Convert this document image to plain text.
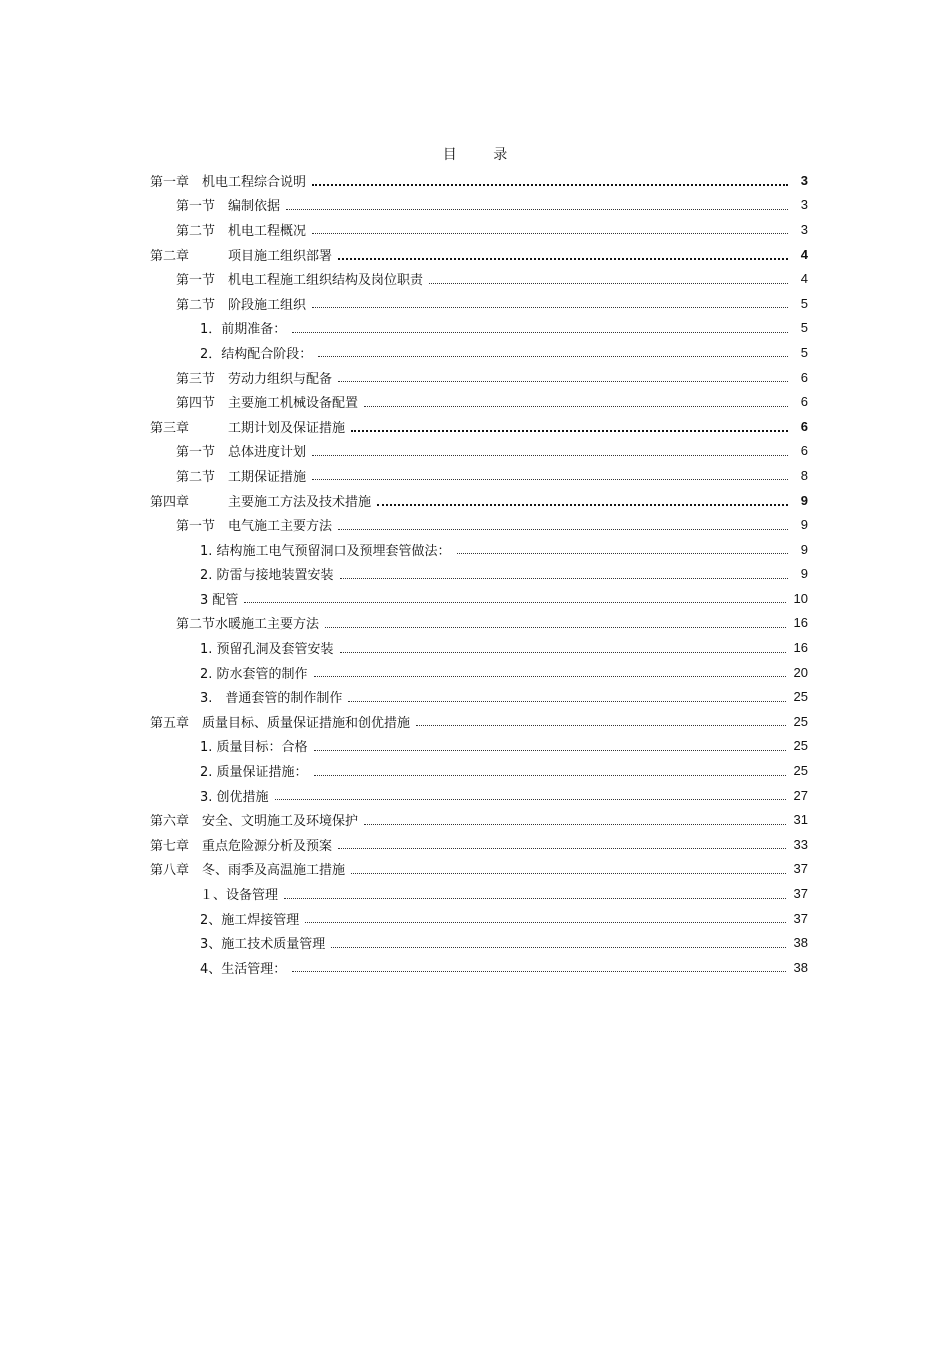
目 录
第一章　机电工程综合说明	3
第一节　编制依据	3
第二节　机电工程概况	3
第二章　　　项目施工组织部署	4
第一节　机电工程施工组织结构及岗位职责	4
第二节　阶段施工组织	5
1．前期准备：	5
2．结构配合阶段：	5
第三节　劳动力组织与配备	6
第四节　主要施工机械设备配置	6
第三章　　　工期计划及保证措施	6
第一节　总体进度计划	6
第二节　工期保证措施	8
第四章　　　主要施工方法及技术措施	9
第一节　电气施工主要方法	9
1. 结构施工电气预留洞口及预埋套管做法：	9
2. 防雷与接地装置安装	9
3 配管	10
第二节水暖施工主要方法	16
1. 预留孔洞及套管安装	16
2. 防水套管的制作	20
3.　普通套管的制作制作	25
第五章　质量目标、质量保证措施和创优措施	25
1. 质量目标：合格	25
2. 质量保证措施：	25
3. 创优措施	27
第六章　安全、文明施工及环境保护	31
第七章　重点危险源分析及预案	33
第八章　冬、雨季及高温施工措施	37
１、设备管理	37
2、施工焊接管理	37
3、施工技术质量管理	38
4、生活管理：	38
